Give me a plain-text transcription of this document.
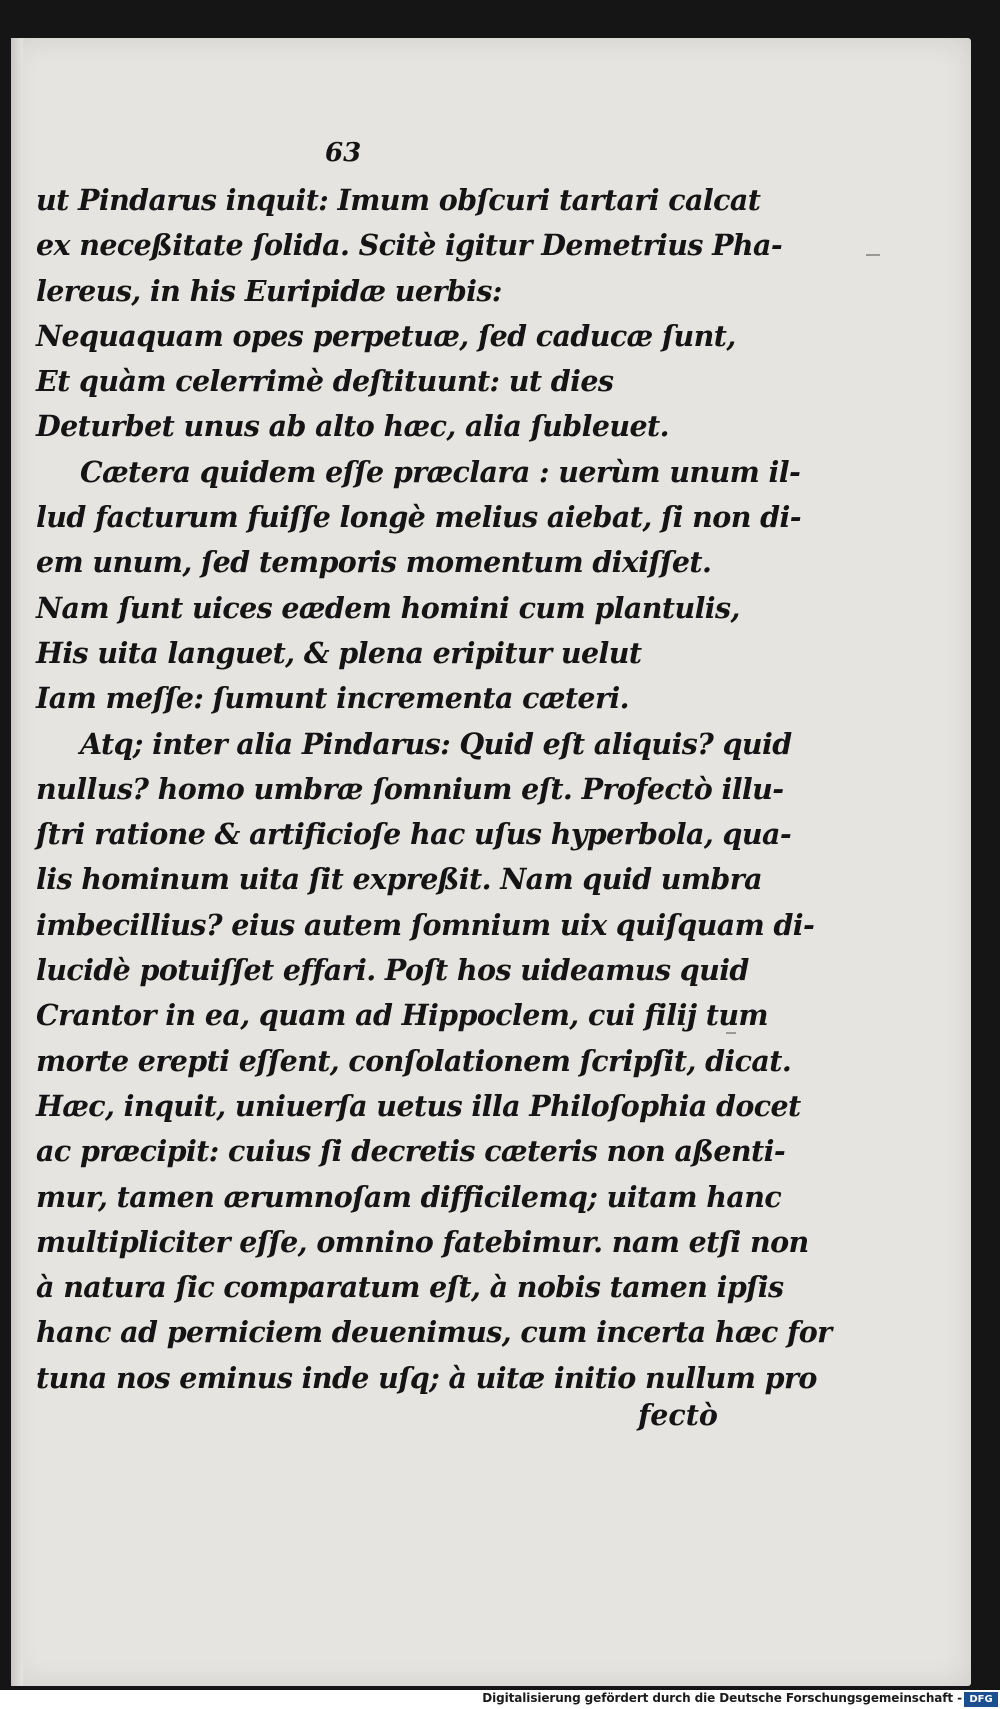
63
ut Pindarus inquit: Imum obſcuri tartari calcat
ex neceßitate ſolida. Scitè igitur Demetrius Pha-
lereus, in his Euripidæ uerbis:
Nequaquam opes perpetuæ, ſed caducæ ſunt,
Et quàm celerrimè deſtituunt: ut dies
Deturbet unus ab alto hæc, alia ſubleuet.
Cætera quidem eſſe præclara : uerùm unum il-
lud facturum fuiſſe longè melius aiebat, ſi non di-
em unum, ſed temporis momentum dixiſſet.
Nam ſunt uices eædem homini cum plantulis,
His uita languet, & plena eripitur uelut
Iam meſſe: ſumunt incrementa cæteri.
Atq; inter alia Pindarus: Quid eſt aliquis? quid
nullus? homo umbræ ſomnium eſt. Profectò illu-
ſtri ratione & artificioſe hac uſus hyperbola, qua-
lis hominum uita ſit expreßit. Nam quid umbra
imbecillius? eius autem ſomnium uix quiſquam di-
lucidè potuiſſet effari. Poſt hos uideamus quid
Crantor in ea, quam ad Hippoclem, cui filij tum
morte erepti eſſent, conſolationem ſcripſit, dicat.
Hæc, inquit, uniuerſa uetus illa Philoſophia docet
ac præcipit: cuius ſi decretis cæteris non aßenti-
mur, tamen ærumnoſam difficilemq; uitam hanc
multipliciter eſſe, omnino fatebimur. nam etſi non
à natura ſic comparatum eſt, à nobis tamen ipſis
hanc ad perniciem deuenimus, cum incerta hæc for
tuna nos eminus inde uſq; à uitæ initio nullum pro
fectò
Digitalisierung gefördert durch die Deutsche Forschungsgemeinschaft - DFG
